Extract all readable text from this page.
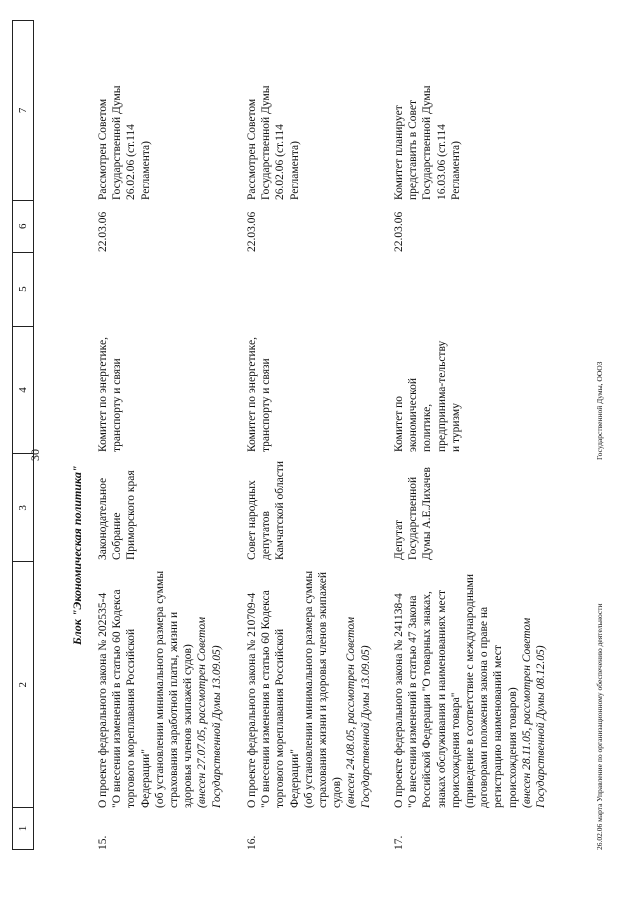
30
1
2
3
4
5
6
7
Блок "Экономическая политика"
15.
О проекте федерального закона № 202535-4 "О внесении изменений в статью 60 Кодекса торгового мореплавания Российской Федерации" (об установлении минимального размера суммы страхования заработной платы, жизни и здоровья членов экипажей судов) (внесен 27.07.05, рассмотрен Советом Государственной Думы 13.09.05)
Законодательное Собрание Приморского края
Комитет по энергетике, транспорту и связи
22.03.06
Рассмотрен Советом Государственной Думы 26.02.06 (ст.114 Регламента)
16.
О проекте федерального закона № 210709-4 "О внесении изменения в статью 60 Кодекса торгового мореплавания Российской Федерации" (об установлении минимального размера суммы страхования жизни и здоровья членов экипажей судов) (внесен 24.08.05, рассмотрен Советом Государственной Думы 13.09.05)
Совет народных депутатов Камчатской области
Комитет по энергетике, транспорту и связи
22.03.06
Рассмотрен Советом Государственной Думы 26.02.06 (ст.114 Регламента)
17.
О проекте федерального закона № 241138-4 "О внесении изменений в статью 47 Закона Российской Федерации "О товарных знаках, знаках обслуживания и наименованиях мест происхождения товара" (приведение в соответствие с международными договорами положения закона о праве на регистрацию наименований мест происхождения товаров) (внесен 28.11.05, рассмотрен Советом Государственной Думы 08.12.05)
Депутат Государственной Думы А.Е.Лихачев
Комитет по экономической политике, предпринима-тельству и туризму
22.03.06
Комитет планирует представить в Совет Государственной Думы 16.03.06 (ст.114 Регламента)
26.02.06 марта Управление по организационному обеспечению деятельности
Государственной Думы, ООО3
